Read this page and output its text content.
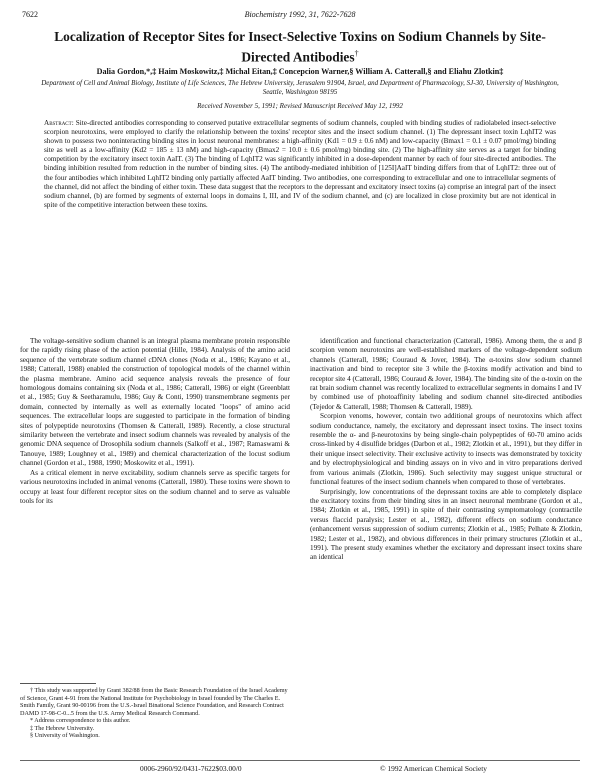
7622	Biochemistry 1992, 31, 7622-7628
Localization of Receptor Sites for Insect-Selective Toxins on Sodium Channels by Site-Directed Antibodies†

Dalia Gordon,*,‡ Haim Moskowitz,‡ Michal Eitan,‡ Concepcion Warner,§ William A. Catterall,§ and Eliahu Zlotkin‡

Department of Cell and Animal Biology, Institute of Life Sciences, The Hebrew University, Jerusalem 91904, Israel, and Department of Pharmacology, SJ-30, University of Washington, Seattle, Washington 98195

Received November 5, 1991; Revised Manuscript Received May 12, 1992

Abstract: Site-directed antibodies corresponding to conserved putative extracellular segments of sodium channels, coupled with binding studies of radiolabeled insect-selective scorpion neurotoxins, were employed to clarify the relationship between the toxins' receptor sites and the insect sodium channel. (1) The depressant insect toxin LqhIT2 was shown to possess two noninteracting binding sites in locust neuronal membranes: a high-affinity (Kd1 = 0.9 ± 0.6 nM) and low-capacity (Bmax1 = 0.1 ± 0.07 pmol/mg) binding site as well as a low-affinity (Kd2 = 185 ± 13 nM) and high-capacity (Bmax2 = 10.0 ± 0.6 pmol/mg) binding site. (2) The high-affinity site serves as a target for binding competition by the excitatory insect toxin AaIT. (3) The binding of LqhIT2 was significantly inhibited in a dose-dependent manner by each of four site-directed antibodies. The binding inhibition resulted from reduction in the number of binding sites. (4) The antibody-mediated inhibition of [125I]AaIT binding differs from that of LqhIT2: three out of the four antibodies which inhibited LqhIT2 binding only partially affected AaIT binding. Two antibodies, one corresponding to extracellular and one to intracellular segments of the channel, did not affect the binding of either toxin. These data suggest that the receptors to the depressant and excitatory insect toxins (a) comprise an integral part of the insect sodium channel, (b) are formed by segments of external loops in domains I, III, and IV of the sodium channel, and (c) are localized in close proximity but are not identical in spite of the competitive interaction between these toxins.

The voltage-sensitive sodium channel is an integral plasma membrane protein responsible for the rapidly rising phase of the action potential (Hille, 1984). Analysis of the amino acid sequence of the vertebrate sodium channel cDNA clones (Noda et al., 1986; Kayano et al., 1988; Catterall, 1988) enabled the construction of topological models of the channel within the plasma membrane. Amino acid sequence analysis reveals the presence of four homologous domains containing six (Noda et al., 1986; Catterall, 1986) or eight (Greenblatt et al., 1985; Guy & Seetharamulu, 1986; Guy & Conti, 1990) transmembrane segments per domain, connected by internally as well as externally located "loops" of amino acid sequences. The extracellular loops are suggested to participate in the formation of binding sites of polypeptide neurotoxins (Thomsen & Catterall, 1989). Recently, a close structural similarity between the vertebrate and insect sodium channels was revealed by analysis of the genomic DNA sequence of Drosophila sodium channels (Salkoff et al., 1987; Ramaswami & Tanouye, 1989; Loughney et al., 1989) and chemical characterization of the locust sodium channel (Gordon et al., 1988, 1990; Moskowitz et al., 1991).

As a critical element in nerve excitability, sodium channels serve as specific targets for various neurotoxins included in animal venoms (Catterall, 1980). These toxins were shown to occupy at least four different receptor sites on the sodium channel and to serve as valuable tools for its

identification and functional characterization (Catterall, 1986). Among them, the α and β scorpion venom neurotoxins are well-established markers of the voltage-dependent sodium channels (Catterall, 1986; Couraud & Jover, 1984). The α-toxins slow sodium channel inactivation and bind to receptor site 3 while the β-toxins modify activation and bind to receptor site 4 (Catterall, 1986; Couraud & Jover, 1984). The binding site of the α-toxin on the rat brain sodium channel was recently localized to extracellular segments in domains I and IV by combined use of photoaffinity labeling and sodium channel site-directed antibodies (Tejedor & Catterall, 1988; Thomsen & Catterall, 1989).

Scorpion venoms, however, contain two additional groups of neurotoxins which affect sodium conductance, namely, the excitatory and depressant insect toxins. The insect toxins resemble the α- and β-neurotoxins by being single-chain polypeptides of 60-70 amino acids cross-linked by 4 disulfide bridges (Darbon et al., 1982; Zlotkin et al., 1991), but they differ in their unique insect selectivity. Their exclusive activity to insects was demonstrated by toxicity and by electrophysiological and binding assays on in vivo and in vitro preparations derived from various animals (Zlotkin, 1986). Such selectivity may suggest unique structural or functional features of the insect sodium channels when compared to those of vertebrates.

Surprisingly, low concentrations of the depressant toxins are able to completely displace the excitatory toxins from their binding sites in an insect neuronal membrane (Gordon et al., 1984; Zlotkin et al., 1985, 1991) in spite of their contrasting symptomatology (contractile versus flaccid paralysis; Lester et al., 1982), different effects on sodium conductance (enhancement versus suppression of sodium currents; Zlotkin et al., 1985; Pelhate & Zlotkin, 1982; Lester et al., 1982), and obvious differences in their primary structures (Zlotkin et al., 1991). The present study examines whether the excitatory and depressant insect toxins share an identical

† This study was supported by Grant 382/88 from the Basic Research Foundation of the Israel Academy of Science, Grant 4-91 from the National Institute for Psychobiology in Israel founded by The Charles E. Smith Family, Grant 90-00196 from the U.S.-Israel Binational Science Foundation, and Research Contract DAMD 17-98-C-0...5 from the U.S. Army Medical Research Command.
* Address correspondence to this author.
‡ The Hebrew University.
§ University of Washington.
0006-2960/92/0431-7622$03.00/0	© 1992 American Chemical Society
